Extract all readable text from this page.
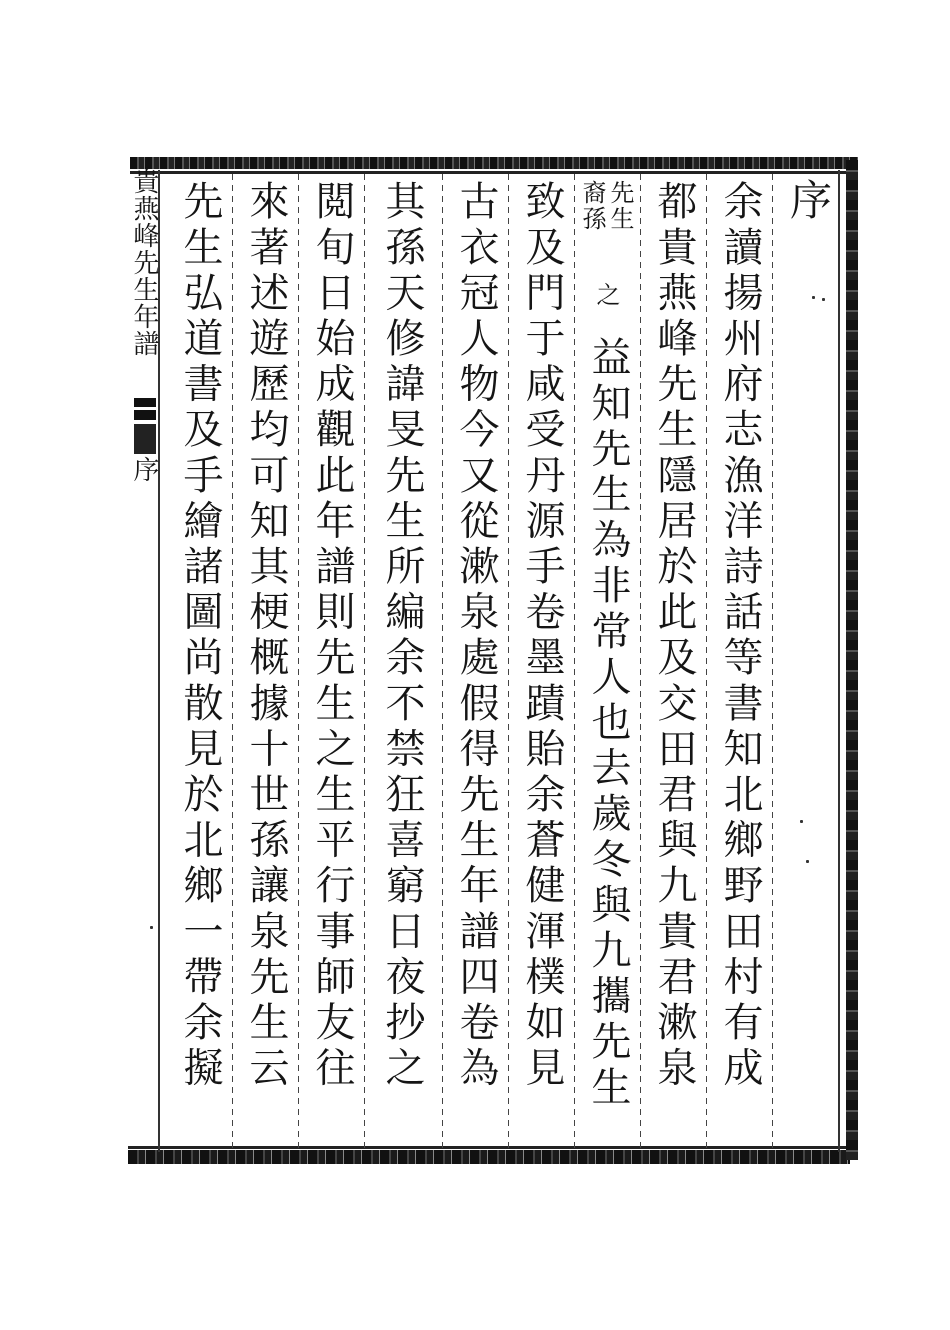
貴燕峰先生年譜
序
序
余讀揚州府志漁洋詩話等書知北鄉野田村有成
都貴燕峰先生隱居於此及交田君與九貴君漱泉
先生
裔孫
之
益知先生為非常人也去歲冬與九攜先生
致及門于咸受丹源手卷墨蹟貽余蒼健渾樸如見
古衣冠人物今又從漱泉處假得先生年譜四卷為
其孫天修諱旻先生所編余不禁狂喜窮日夜抄之
閲旬日始成觀此年譜則先生之生平行事師友往
來著述遊歷均可知其梗概據十世孫讓泉先生云
先生弘道書及手繪諸圖尚散見於北鄉一帶余擬
